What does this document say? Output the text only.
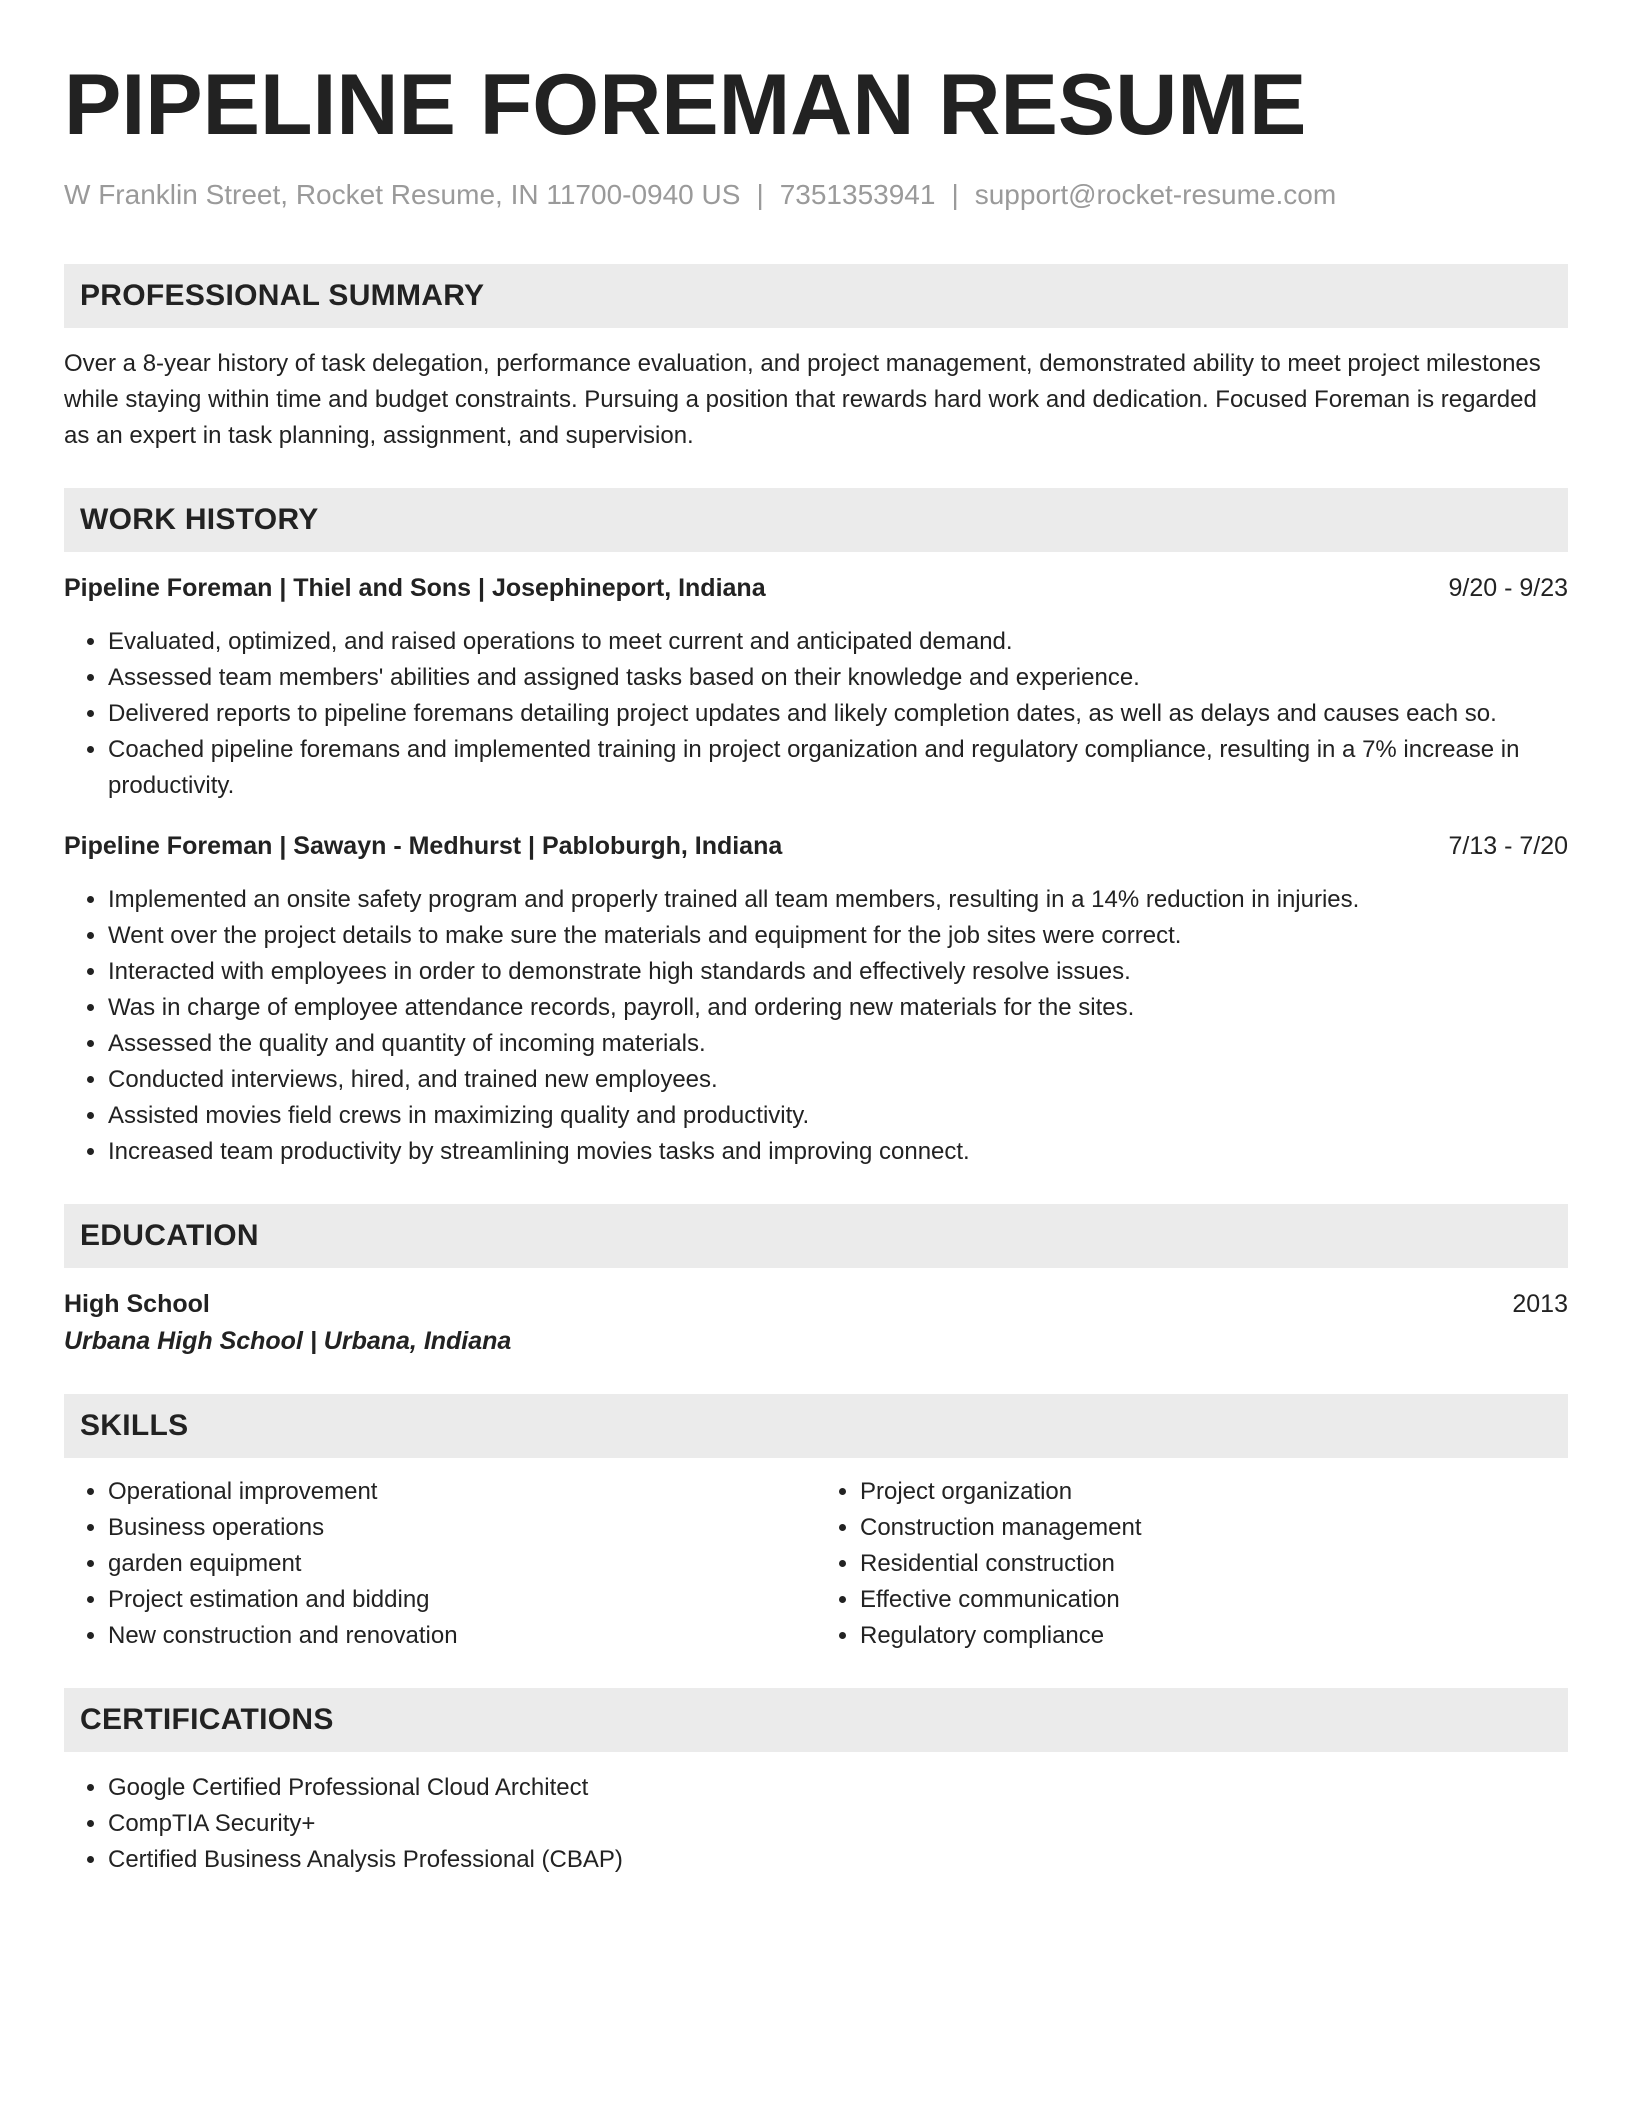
PIPELINE FOREMAN RESUME
W Franklin Street, Rocket Resume, IN 11700-0940 US | 7351353941 | support@rocket-resume.com
PROFESSIONAL SUMMARY

Over a 8-year history of task delegation, performance evaluation, and project management, demonstrated ability to meet project milestones while staying within time and budget constraints. Pursuing a position that rewards hard work and dedication. Focused Foreman is regarded as an expert in task planning, assignment, and supervision.

WORK HISTORY
Pipeline Foreman | Thiel and Sons | Josephineport, Indiana	9/20 - 9/23
• Evaluated, optimized, and raised operations to meet current and anticipated demand.
• Assessed team members' abilities and assigned tasks based on their knowledge and experience.
• Delivered reports to pipeline foremans detailing project updates and likely completion dates, as well as delays and causes each so.
• Coached pipeline foremans and implemented training in project organization and regulatory compliance, resulting in a 7% increase in productivity.
Pipeline Foreman | Sawayn - Medhurst | Pabloburgh, Indiana	7/13 - 7/20
• Implemented an onsite safety program and properly trained all team members, resulting in a 14% reduction in injuries.
• Went over the project details to make sure the materials and equipment for the job sites were correct.
• Interacted with employees in order to demonstrate high standards and effectively resolve issues.
• Was in charge of employee attendance records, payroll, and ordering new materials for the sites.
• Assessed the quality and quantity of incoming materials.
• Conducted interviews, hired, and trained new employees.
• Assisted movies field crews in maximizing quality and productivity.
• Increased team productivity by streamlining movies tasks and improving connect.
EDUCATION
High School	2013
Urbana High School | Urbana, Indiana
SKILLS
• Operational improvement
• Business operations
• garden equipment
• Project estimation and bidding
• New construction and renovation
• Project organization
• Construction management
• Residential construction
• Effective communication
• Regulatory compliance
CERTIFICATIONS
• Google Certified Professional Cloud Architect
• CompTIA Security+
• Certified Business Analysis Professional (CBAP)
